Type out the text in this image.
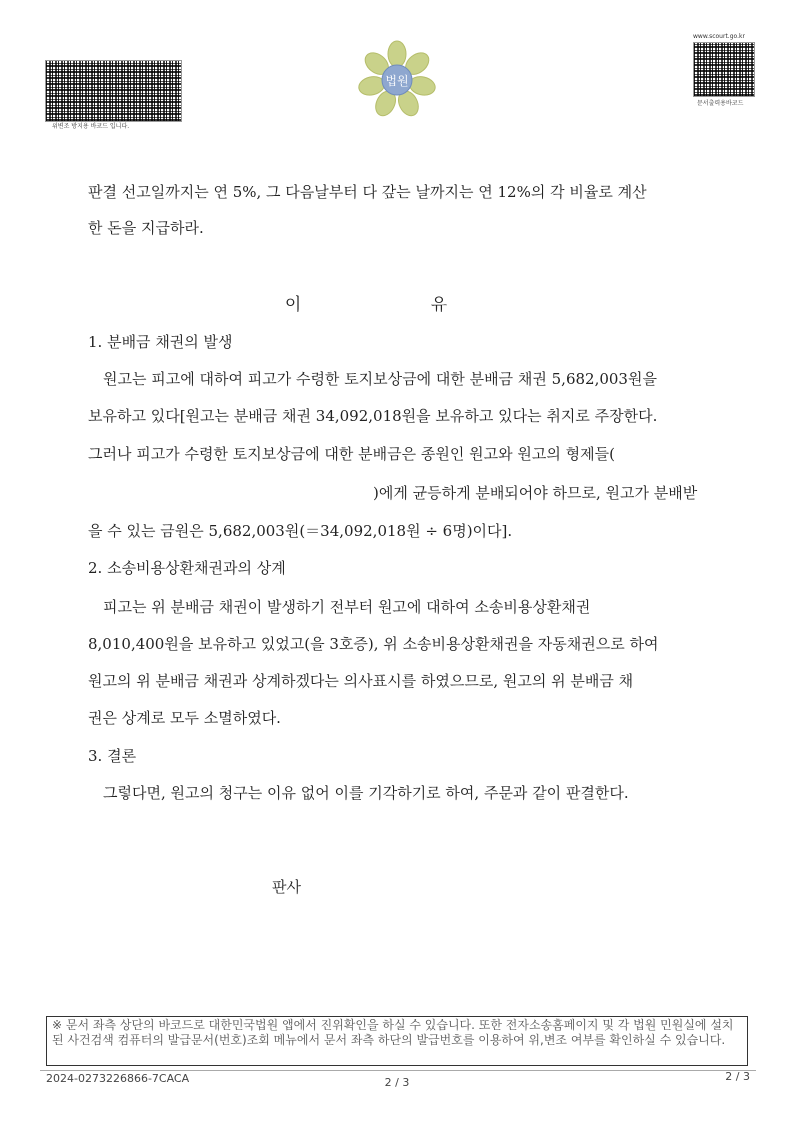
위변조 방지용 바코드 입니다.
www.scourt.go.kr
문서출력용바코드
법원
판결 선고일까지는 연 5%, 그 다음날부터 다 갚는 날까지는 연 12%의 각 비율로 계산
한 돈을 지급하라.
이 유
1. 분배금 채권의 발생
　원고는 피고에 대하여 피고가 수령한 토지보상금에 대한 분배금 채권 5,682,003원을
보유하고 있다[원고는 분배금 채권 34,092,018원을 보유하고 있다는 취지로 주장한다.
그러나 피고가 수령한 토지보상금에 대한 분배금은 종원인 원고와 원고의 형제들(
　　　　　　　　　　　　　　　　　　　)에게 균등하게 분배되어야 하므로, 원고가 분배받
을 수 있는 금원은 5,682,003원(＝34,092,018원 ÷ 6명)이다].
2. 소송비용상환채권과의 상계
　피고는 위 분배금 채권이 발생하기 전부터 원고에 대하여 소송비용상환채권
8,010,400원을 보유하고 있었고(을 3호증), 위 소송비용상환채권을 자동채권으로 하여
원고의 위 분배금 채권과 상계하겠다는 의사표시를 하였으므로, 원고의 위 분배금 채
권은 상계로 모두 소멸하였다.
3. 결론
　그렇다면, 원고의 청구는 이유 없어 이를 기각하기로 하여, 주문과 같이 판결한다.
판사
※ 문서 좌측 상단의 바코드로 대한민국법원 앱에서 진위확인을 하실 수 있습니다. 또한 전자소송홈페이지 및 각 법원 민원실에 설치된 사건검색 컴퓨터의 발급문서(번호)조회 메뉴에서 문서 좌측 하단의 발급번호를 이용하여 위,변조 여부를 확인하실 수 있습니다.
2024-0273226866-7CACA	2 / 3	2 / 3
